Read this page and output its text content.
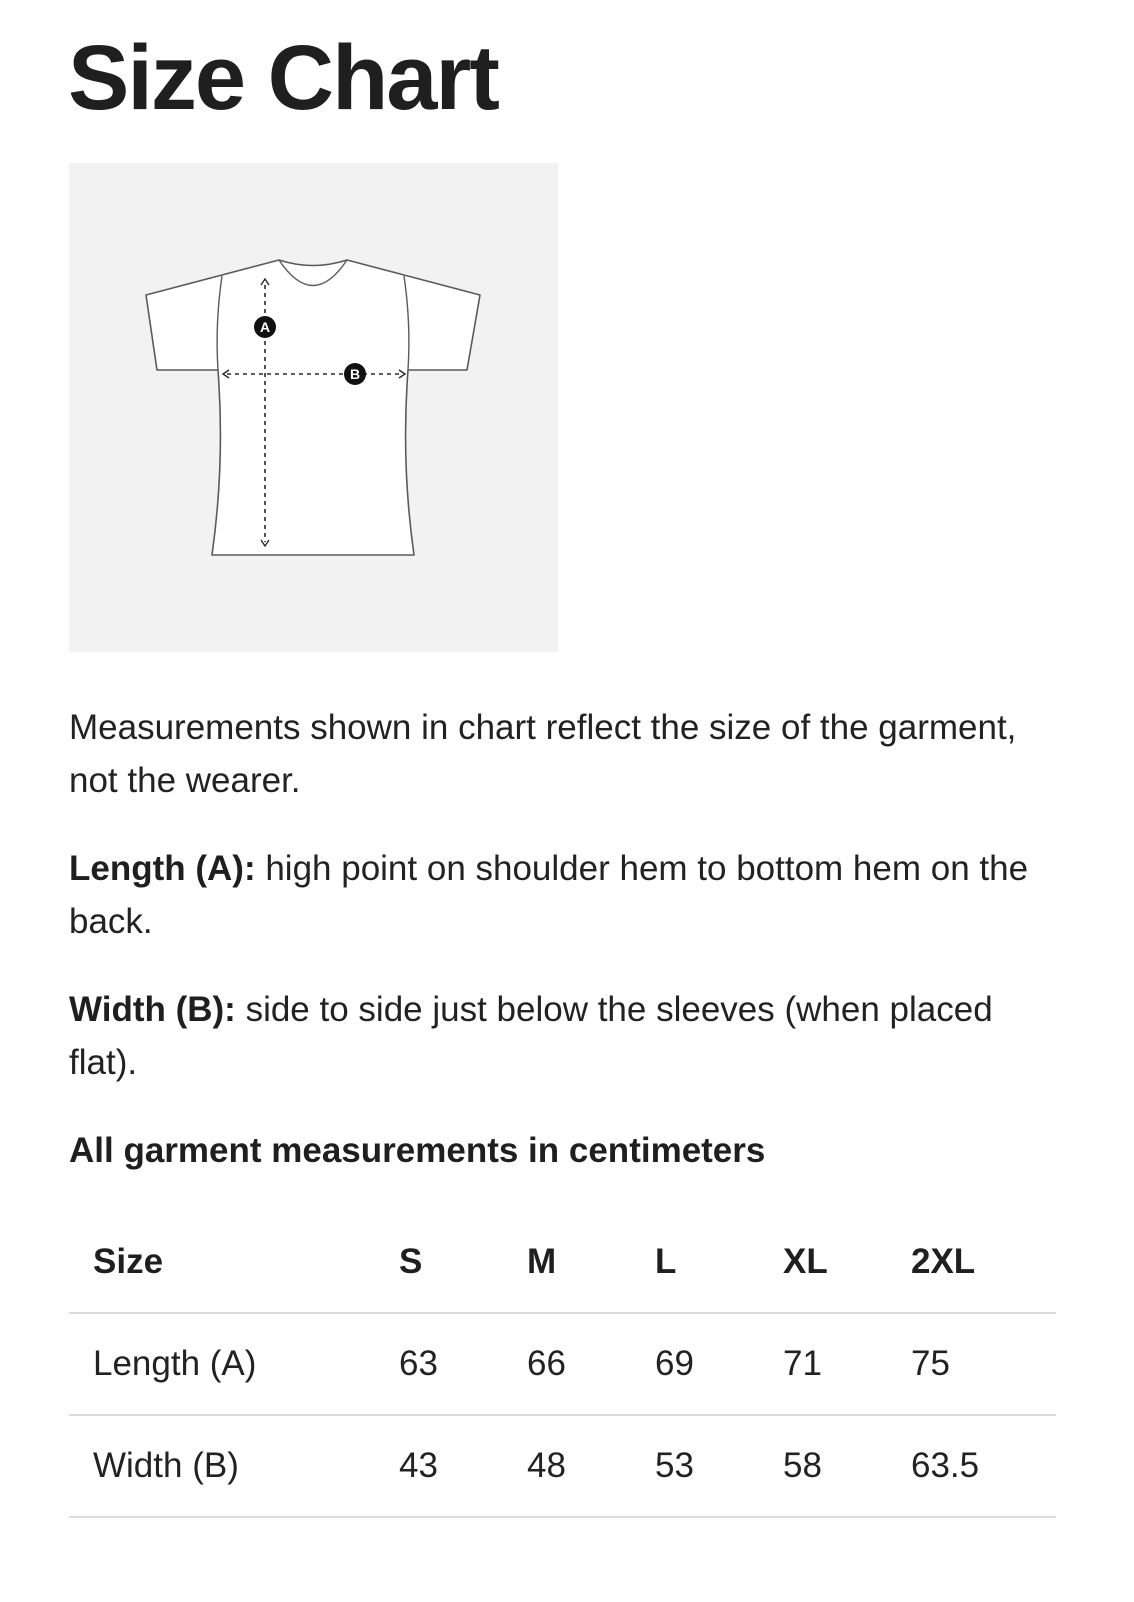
Size Chart
A
B

Measurements shown in chart reflect the size of the garment, not the wearer.

Length (A): high point on shoulder hem to bottom hem on the back.

Width (B): side to side just below the sleeves (when placed flat).

All garment measurements in centimeters
Size	S	M	L	XL	2XL
Length (A)	63	66	69	71	75
Width (B)	43	48	53	58	63.5
